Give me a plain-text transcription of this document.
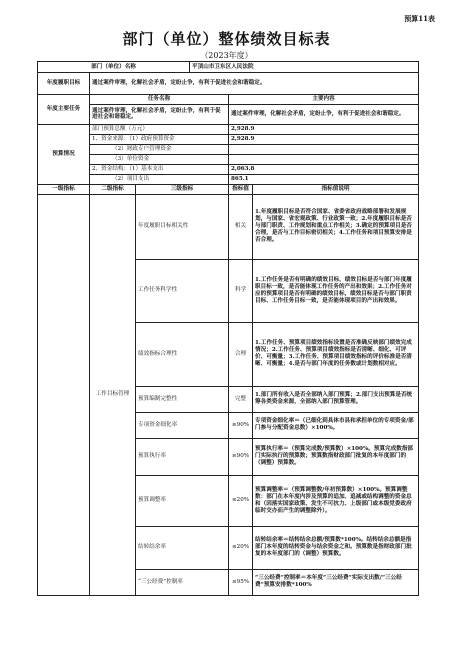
预算11表
部门（单位）整体绩效目标表
（2023年度）
部门（单位）名称			平顶山市卫东区人民法院		
年度履职目标	通过案件审理，化解社会矛盾，定纷止争，有利于促进社会和谐稳定。				
年度主要任务	任务名称			主要内容	
	通过案件审理，化解社会矛盾，定纷止争，有利于促进社会和谐稳定。			通过案件审理，化解社会矛盾，定纷止争，有利于促进社会和谐稳定。	
预算情况	部门预算总额（万元）			2,928.9	
	1、资金来源：（1）政府预算资金			2,928.9	
	（2）财政专户管理资金				
	（3）单位资金				
	2、资金结构：（1）基本支出			2,063.8	
	（2）项目支出			865.1	
一级指标	二级指标	三级指标		指标值	指标值说明
	工作目标管理	年度履职目标相关性		相关	1.年度履职目标是否符合国家、省委省政府战略部署和发展规划，与国家、省宏观政策、行业政策一致；2.年度履职目标是否与部门职责、工作规划和重点工作相关；3.确定的预算项目是否合理，是否与工作目标密切相关；4.工作任务和项目预算安排是否合理。
		工作任务科学性		科学	1.工作任务是否有明确的绩效目标，绩效目标是否与部门年度履职目标一致，是否能体现工作任务的产出和效果；2.工作任务对应的预算项目是否有明确的绩效目标，绩效目标是否与部门职责目标、工作任务目标一致，是否能体现项目的产出和效果。
		绩效指标合理性		合理	1.工作任务、预算项目绩效指标设置是否准确反映部门绩效完成情况；2.工作任务、预算项目绩效指标是否清晰、细化、可评价、可衡量；3.工作任务、预算项目绩效指标的评价标准是否清晰、可衡量；4.是否与部门年度的任务数或计划数相对应。
		预算编制完整性		完整	1.部门所有收入是否全部纳入部门预算；2.部门支出预算是否统筹各类资金来源，全部纳入部门预算管理。
		专项资金细化率		≥90%	专项资金细化率＝（已细化到具体市县和承担单位的专项资金/部门参与分配资金总数）×100%。
		预算执行率		≥90%	预算执行率＝（预算完成数/预算数）×100%。预算完成数指部门实际执行的预算数；预算数指财政部门批复的本年度部门的（调整）预算数。
		预算调整率		≤20%	预算调整率＝（预算调整数/年初预算数）×100%。预算调整数：部门在本年度内涉及预算的追加、追减或结构调整的资金总和（因落实国家政策、发生不可抗力、上级部门或本级党委政府临时交办而产生的调整除外）。
		结转结余率		≤20%	结转结余率＝结转结余总额/预算数*100%。结转结余总额是指部门本年度的结转资金与结余资金之和。预算数是指财政部门批复的本年度部门的（调整）预算数。
		“三公经费”控制率		≤95%	“三公经费”控制率＝本年度“三公经费”实际支出数/“三公经费”预算安排数*100%
